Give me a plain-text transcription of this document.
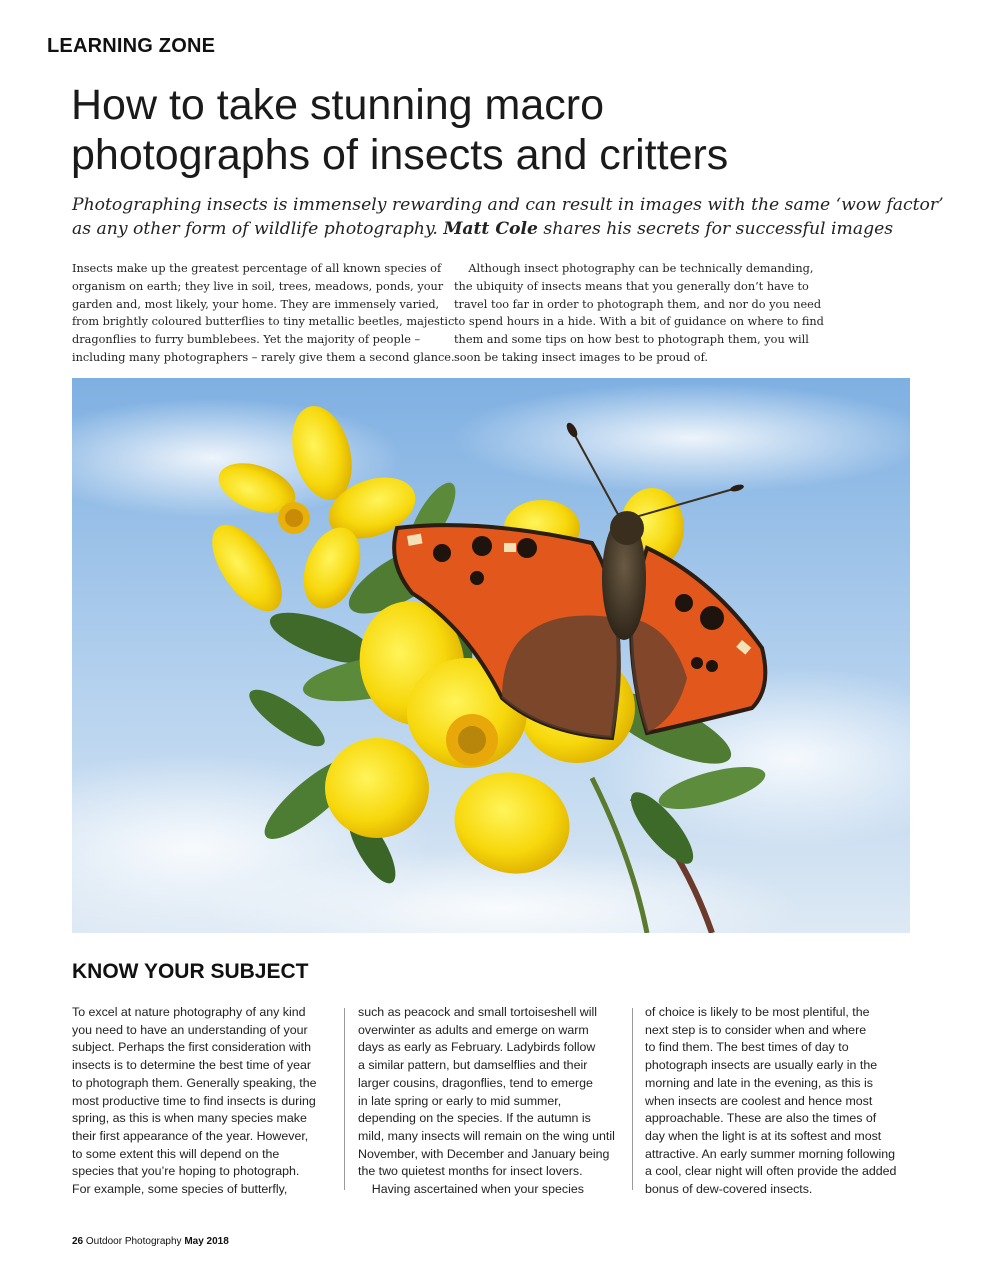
LEARNING ZONE
How to take stunning macro
photographs of insects and critters
Photographing insects is immensely rewarding and can result in images with the same ‘wow factor’
as any other form of wildlife photography. Matt Cole shares his secrets for successful images
Insects make up the greatest percentage of all known species of
organism on earth; they live in soil, trees, meadows, ponds, your
garden and, most likely, your home. They are immensely varied,
from brightly coloured butterflies to tiny metallic beetles, majestic
dragonflies to furry bumblebees. Yet the majority of people –
including many photographers – rarely give them a second glance.
Although insect photography can be technically demanding,
the ubiquity of insects means that you generally don’t have to
travel too far in order to photograph them, and nor do you need
to spend hours in a hide. With a bit of guidance on where to find
them and some tips on how best to photograph them, you will
soon be taking insect images to be proud of.
KNOW YOUR SUBJECT
To excel at nature photography of any kind
you need to have an understanding of your
subject. Perhaps the first consideration with
insects is to determine the best time of year
to photograph them. Generally speaking, the
most productive time to find insects is during
spring, as this is when many species make
their first appearance of the year. However,
to some extent this will depend on the
species that you’re hoping to photograph.
For example, some species of butterfly,
such as peacock and small tortoiseshell will
overwinter as adults and emerge on warm
days as early as February. Ladybirds follow
a similar pattern, but damselflies and their
larger cousins, dragonflies, tend to emerge
in late spring or early to mid summer,
depending on the species. If the autumn is
mild, many insects will remain on the wing until
November, with December and January being
the two quietest months for insect lovers.
Having ascertained when your species
of choice is likely to be most plentiful, the
next step is to consider when and where
to find them. The best times of day to
photograph insects are usually early in the
morning and late in the evening, as this is
when insects are coolest and hence most
approachable. These are also the times of
day when the light is at its softest and most
attractive. An early summer morning following
a cool, clear night will often provide the added
bonus of dew-covered insects.
26 Outdoor Photography May 2018
